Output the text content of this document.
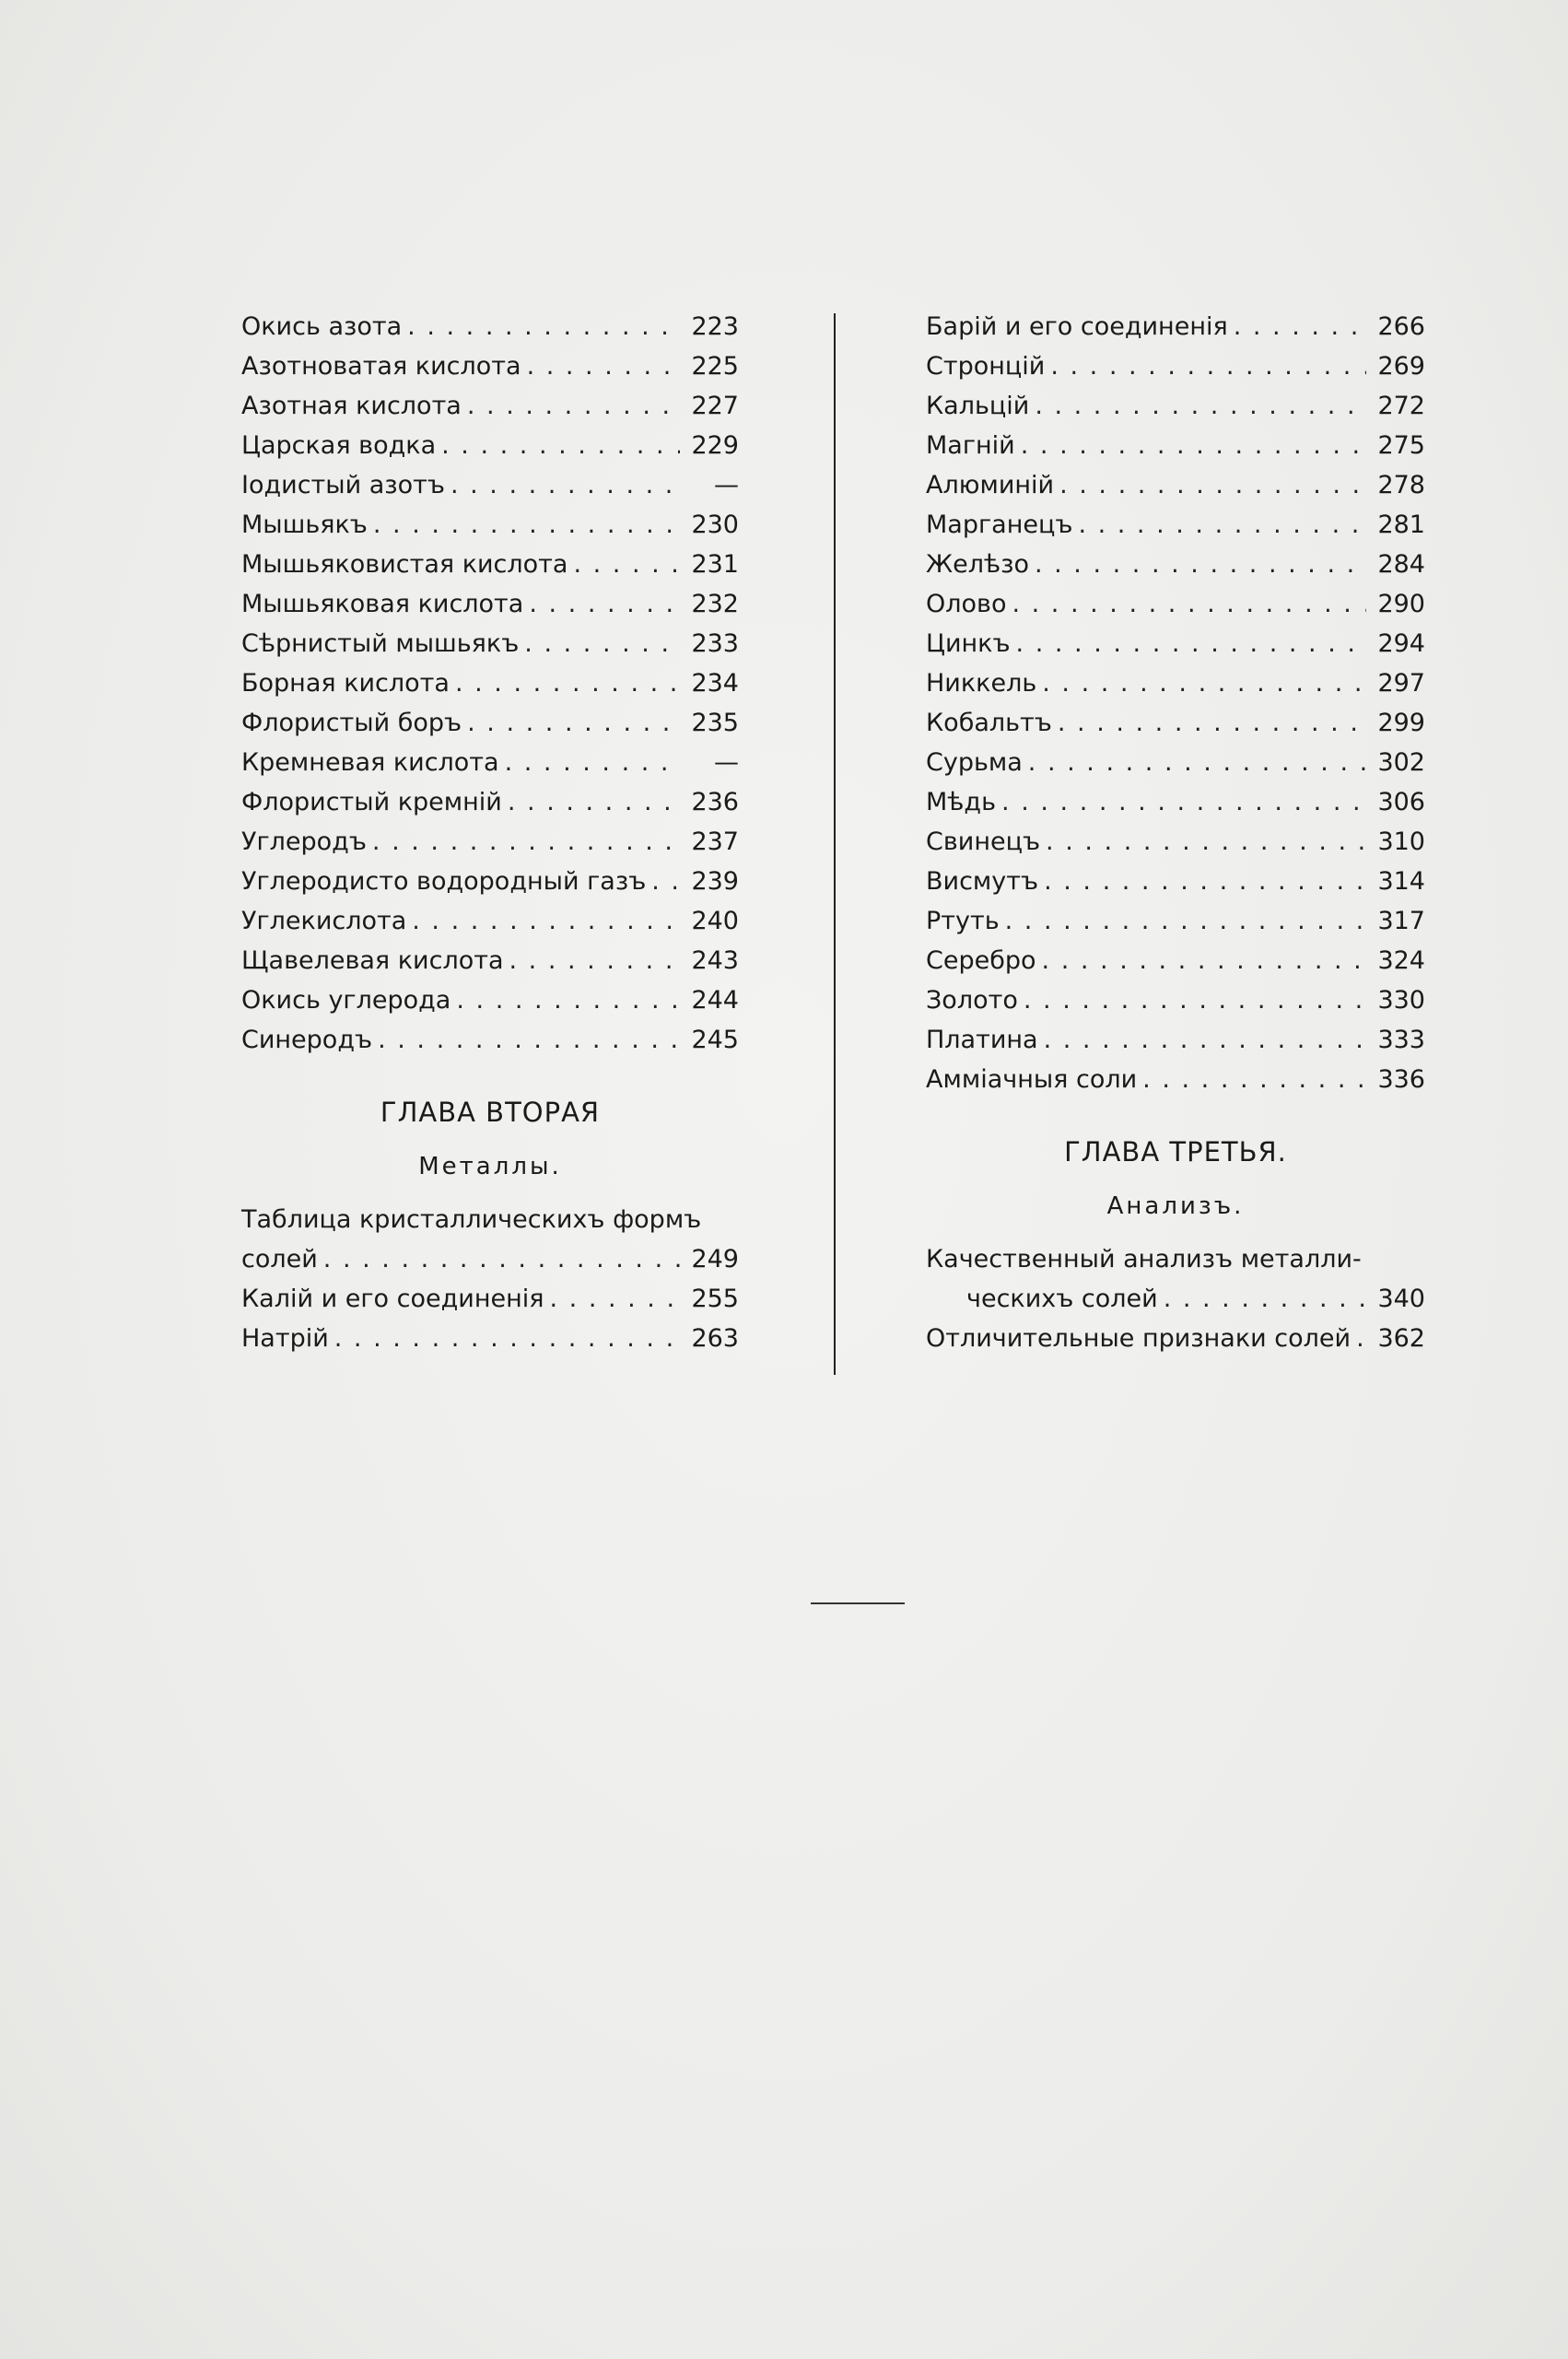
Окись азота . . .	223
Азотноватая кислота . . .	225
Азотная кислота . . .	227
Царская водка . . .	229
Іодистый азотъ . . .	—
Мышьякъ . . .	230
Мышьяковистая кислота . . .	231
Мышьяковая кислота . . .	232
Сѣрнистый мышьякъ . . .	233
Борная кислота . . .	234
Флористый боръ . . .	235
Кремневая кислота . . .	—
Флористый кремній . . .	236
Углеродъ . . .	237
Углеродисто водородный газъ . . . 239
Углекислота . . .	240
Щавелевая кислота . . .	243
Окись углерода . . .	244
Синеродъ . . .	245
ГЛАВА ВТОРАЯ
Металлы.
Таблица кристаллическихъ формъ
солей . . .	249
Калій и его соединенія . . .	255
Натрій . . .	263
Барій и его соединенія . . .	266
Стронцій . . .	269
Кальцій . . .	272
Магній . . .	275
Алюминій . . .	278
Марганецъ . . .	281
Желѣзо . . .	284
Олово . . .	290
Цинкъ . . .	294
Никкель . . .	297
Кобальтъ . . .	299
Сурьма . . .	302
Мѣдь . . .	306
Свинецъ . . .	310
Висмутъ . . .	314
Ртуть . . .	317
Серебро . . .	324
Золото . . .	330
Платина . . .	333
Аммiачныя соли . . .	336
ГЛАВА ТРЕТЬЯ.
Анализъ.
Качественный анализъ металли-
ческихъ солей . . .	340
Отличительные признаки солей . . . 362
